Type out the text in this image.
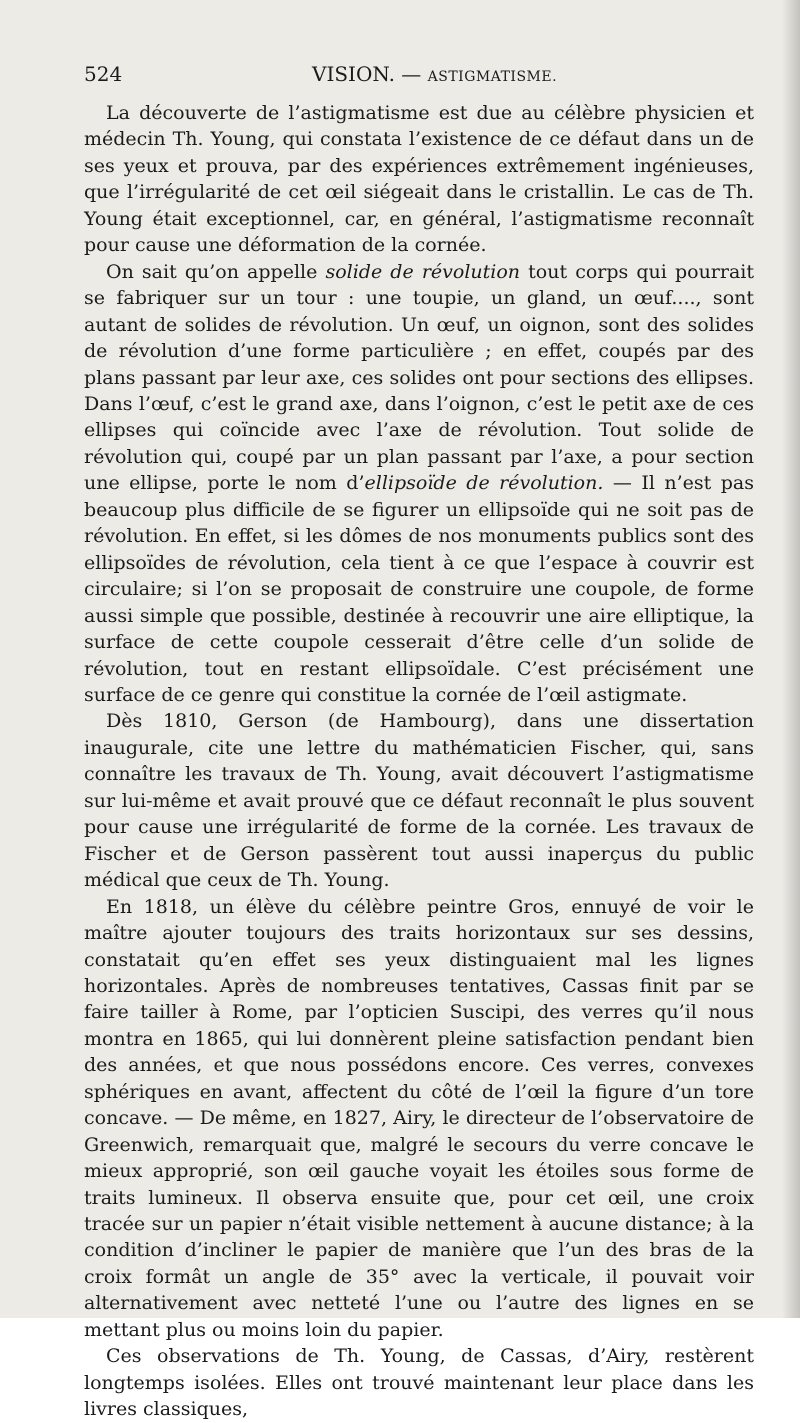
524	VISION. — ASTIGMATISME.

La découverte de l’astigmatisme est due au célèbre physicien et médecin Th. Young, qui constata l’existence de ce défaut dans un de ses yeux et prouva, par des expériences extrêmement ingénieuses, que l’irrégularité de cet œil siégeait dans le cristallin. Le cas de Th. Young était exceptionnel, car, en général, l’astigmatisme reconnaît pour cause une déformation de la cornée.

On sait qu’on appelle solide de révolution tout corps qui pourrait se fabriquer sur un tour : une toupie, un gland, un œuf...., sont autant de solides de révolution. Un œuf, un oignon, sont des solides de révolution d’une forme particulière ; en effet, coupés par des plans passant par leur axe, ces solides ont pour sections des ellipses. Dans l’œuf, c’est le grand axe, dans l’oignon, c’est le petit axe de ces ellipses qui coïncide avec l’axe de révolution. Tout solide de révolution qui, coupé par un plan passant par l’axe, a pour section une ellipse, porte le nom d’ellipsoïde de révolution. — Il n’est pas beaucoup plus difficile de se figurer un ellipsoïde qui ne soit pas de révolution. En effet, si les dômes de nos monuments publics sont des ellipsoïdes de révolution, cela tient à ce que l’espace à couvrir est circulaire; si l’on se proposait de construire une coupole, de forme aussi simple que possible, destinée à recouvrir une aire elliptique, la surface de cette coupole cesserait d’être celle d’un solide de révolution, tout en restant ellipsoïdale. C’est précisément une surface de ce genre qui constitue la cornée de l’œil astigmate.

Dès 1810, Gerson (de Hambourg), dans une dissertation inaugurale, cite une lettre du mathématicien Fischer, qui, sans connaître les travaux de Th. Young, avait découvert l’astigmatisme sur lui-même et avait prouvé que ce défaut reconnaît le plus souvent pour cause une irrégularité de forme de la cornée. Les travaux de Fischer et de Gerson passèrent tout aussi inaperçus du public médical que ceux de Th. Young.

En 1818, un élève du célèbre peintre Gros, ennuyé de voir le maître ajouter toujours des traits horizontaux sur ses dessins, constatait qu’en effet ses yeux distinguaient mal les lignes horizontales. Après de nombreuses tentatives, Cassas finit par se faire tailler à Rome, par l’opticien Suscipi, des verres qu’il nous montra en 1865, qui lui donnèrent pleine satisfaction pendant bien des années, et que nous possédons encore. Ces verres, convexes sphériques en avant, affectent du côté de l’œil la figure d’un tore concave. — De même, en 1827, Airy, le directeur de l’observatoire de Greenwich, remarquait que, malgré le secours du verre concave le mieux approprié, son œil gauche voyait les étoiles sous forme de traits lumineux. Il observa ensuite que, pour cet œil, une croix tracée sur un papier n’était visible nettement à aucune distance; à la condition d’incliner le papier de manière que l’un des bras de la croix formât un angle de 35° avec la verticale, il pouvait voir alternativement avec netteté l’une ou l’autre des lignes en se mettant plus ou moins loin du papier.

Ces observations de Th. Young, de Cassas, d’Airy, restèrent longtemps isolées. Elles ont trouvé maintenant leur place dans les livres classiques,
